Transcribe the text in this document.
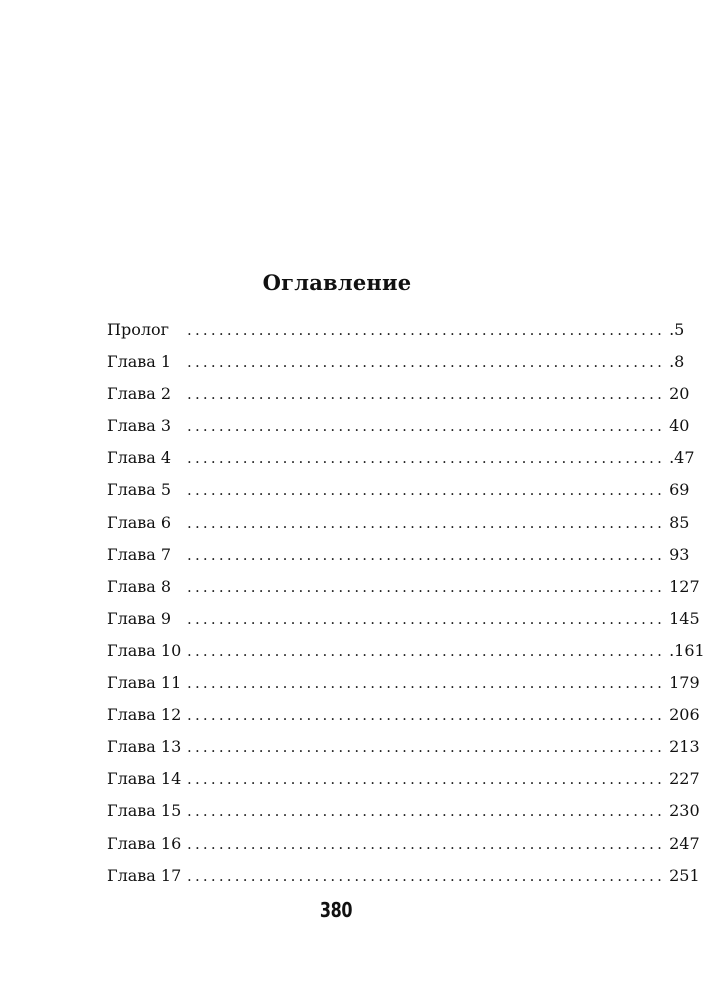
Оглавление
Пролог	............................................................ .5
Глава 1	............................................................ .8
Глава 2	............................................................ 20
Глава 3	............................................................ 40
Глава 4	............................................................ .47
Глава 5	............................................................ 69
Глава 6	............................................................ 85
Глава 7	............................................................ 93
Глава 8	............................................................ 127
Глава 9	............................................................ 145
Глава 10 ............................................................ .161
Глава 11 ............................................................ 179
Глава 12 ............................................................ 206
Глава 13 ............................................................ 213
Глава 14 ............................................................ 227
Глава 15 ............................................................ 230
Глава 16 ............................................................ 247
Глава 17 ............................................................ 251
380
